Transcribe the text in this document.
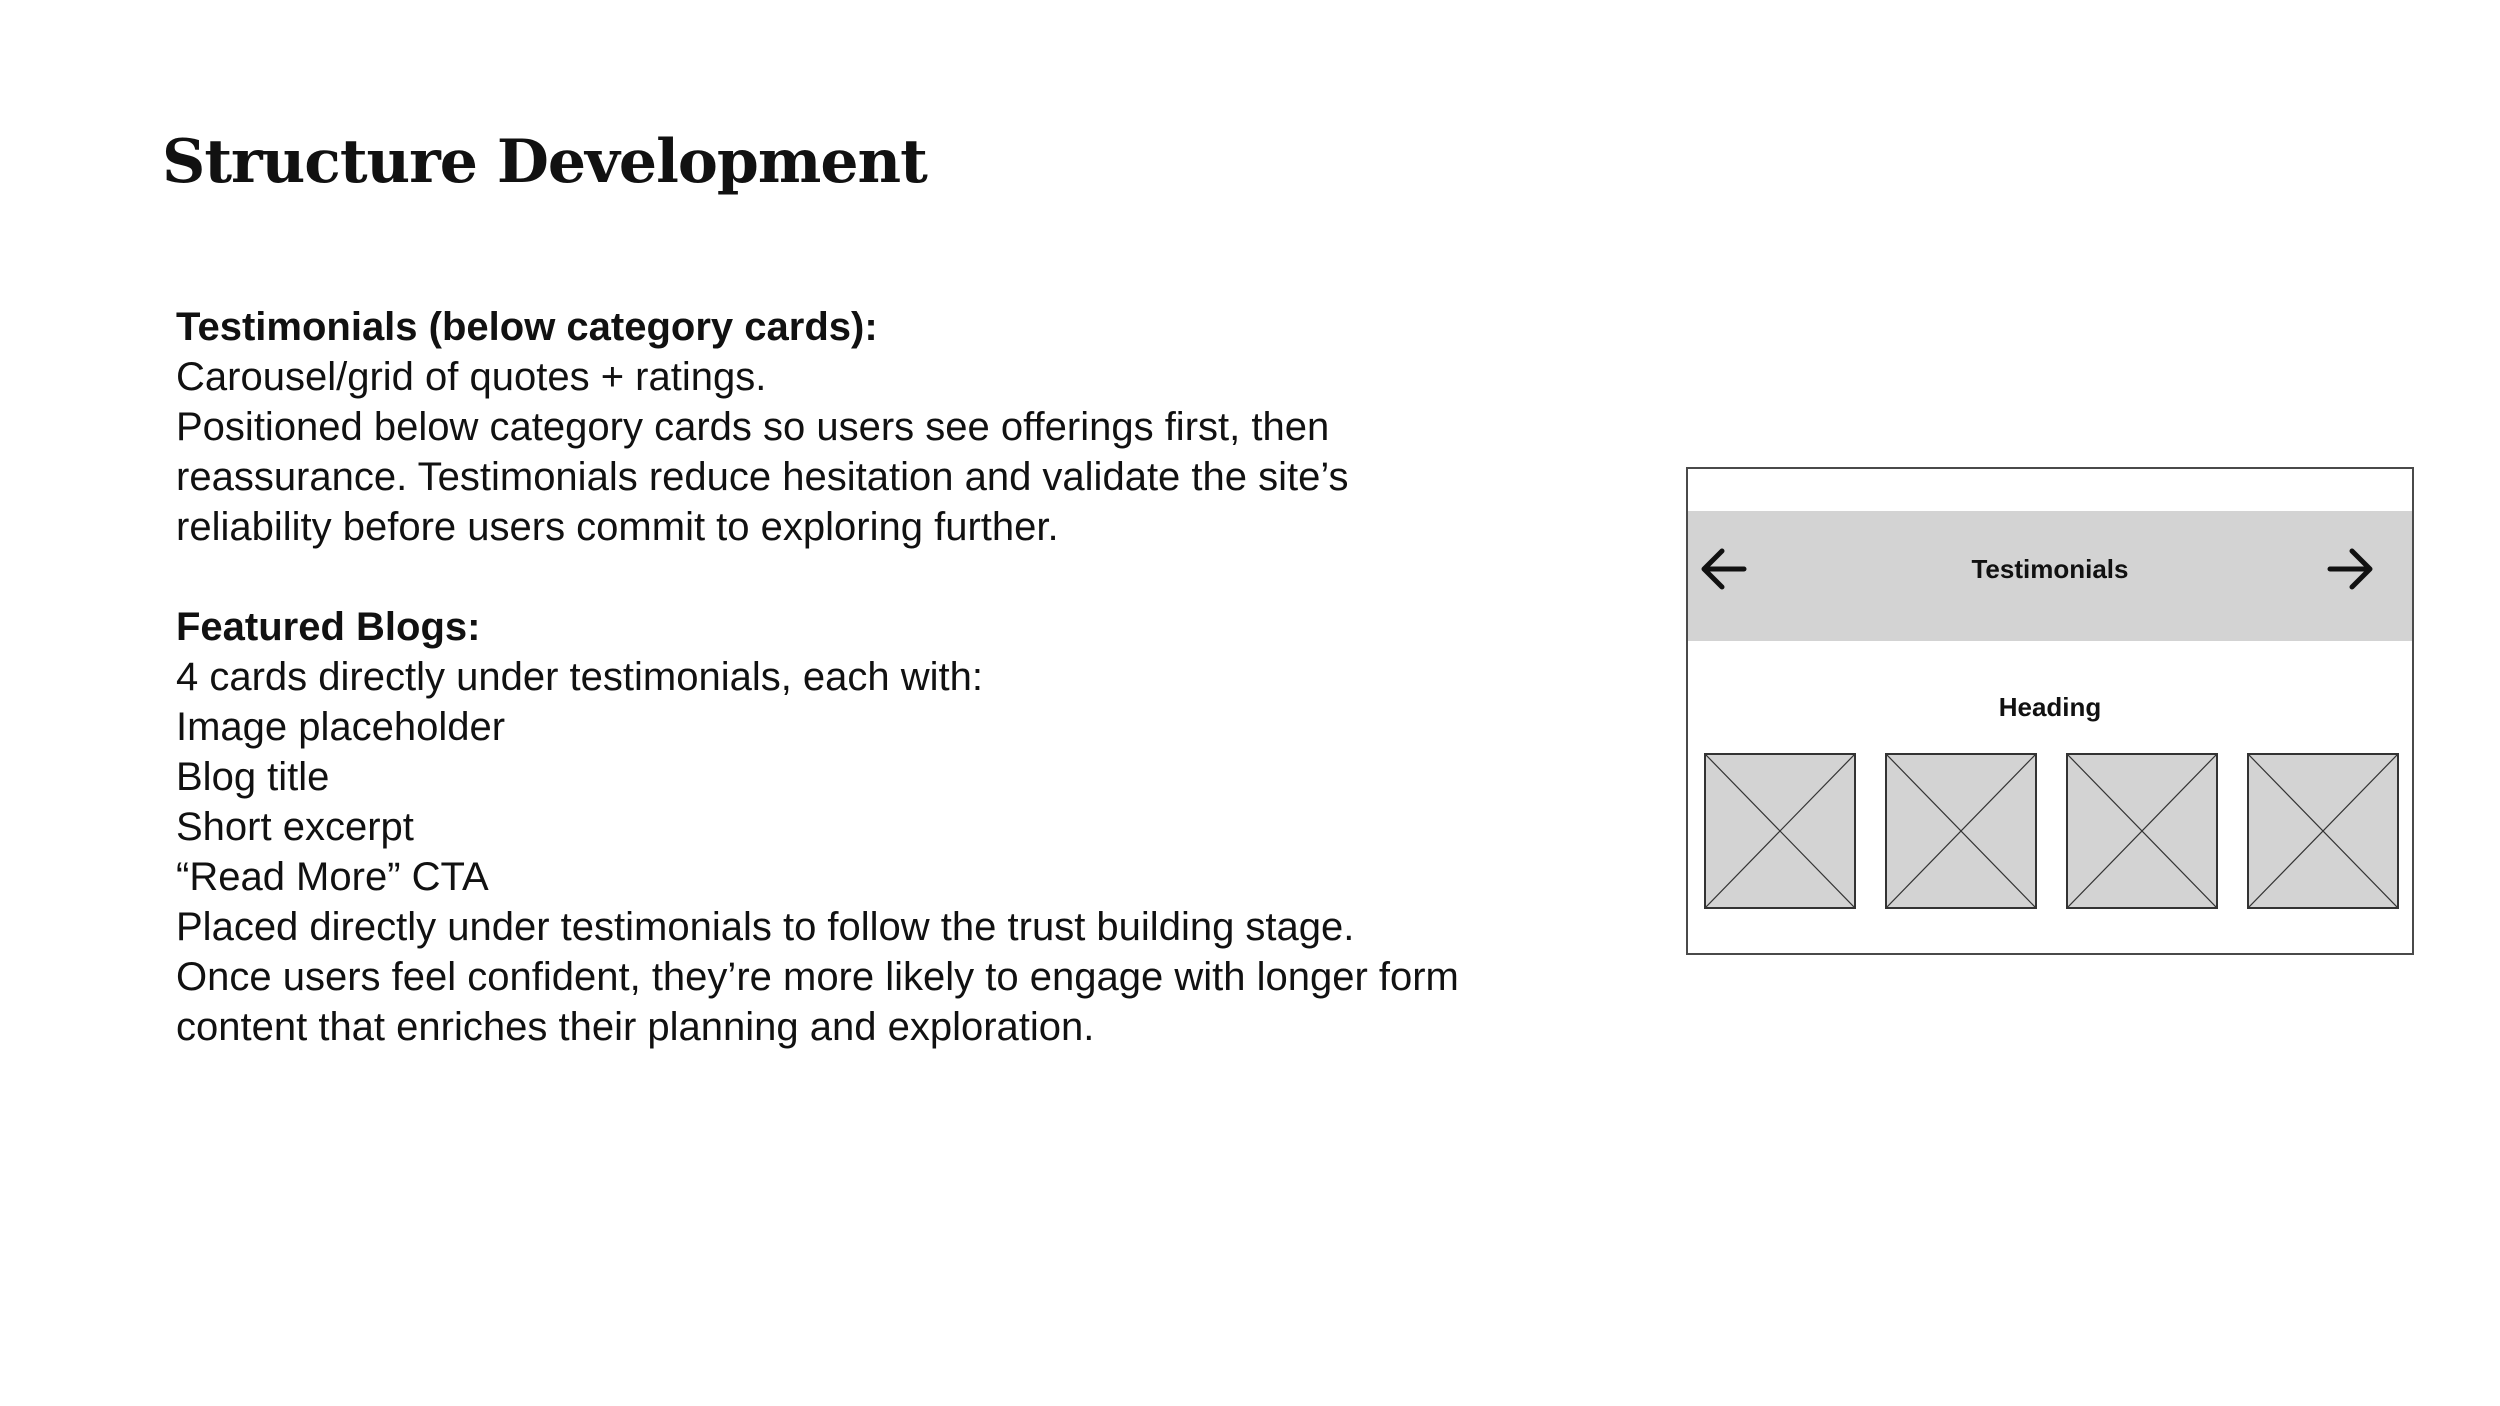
Structure Development
Testimonials (below category cards):
Carousel/grid of quotes + ratings.
Positioned below category cards so users see offerings first, then
reassurance. Testimonials reduce hesitation and validate the site’s
reliability before users commit to exploring further.
Featured Blogs:
4 cards directly under testimonials, each with:
Image placeholder
Blog title
Short excerpt
“Read More” CTA
Placed directly under testimonials to follow the trust building stage.
Once users feel confident, they’re more likely to engage with longer form
content that enriches their planning and exploration.
Testimonials
Heading
